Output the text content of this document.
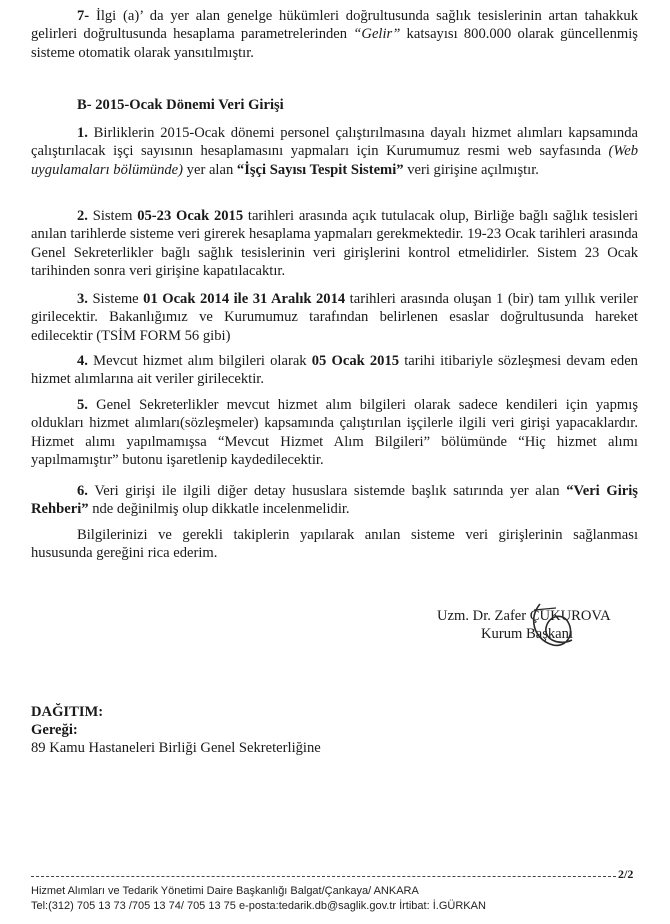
7- İlgi (a)’ da yer alan genelge hükümleri doğrultusunda sağlık tesislerinin artan tahakkuk gelirleri doğrultusunda hesaplama parametrelerinden “Gelir” katsayısı 800.000 olarak güncellenmiş sisteme otomatik olarak yansıtılmıştır.

B- 2015-Ocak Dönemi Veri Girişi

1. Birliklerin 2015-Ocak dönemi personel çalıştırılmasına dayalı hizmet alımları kapsamında çalıştırılacak işçi sayısının hesaplamasını yapmaları için Kurumumuz resmi web sayfasında (Web uygulamaları bölümünde) yer alan “İşçi Sayısı Tespit Sistemi” veri girişine açılmıştır.

2. Sistem 05-23 Ocak 2015 tarihleri arasında açık tutulacak olup, Birliğe bağlı sağlık tesisleri anılan tarihlerde sisteme veri girerek hesaplama yapmaları gerekmektedir. 19-23 Ocak tarihleri arasında Genel Sekreterlikler bağlı sağlık tesislerinin veri girişlerini kontrol etmelidirler. Sistem 23 Ocak tarihinden sonra veri girişine kapatılacaktır.

3. Sisteme 01 Ocak 2014 ile 31 Aralık 2014 tarihleri arasında oluşan 1 (bir) tam yıllık veriler girilecektir. Bakanlığımız ve Kurumumuz tarafından belirlenen esaslar doğrultusunda hareket edilecektir (TSİM FORM 56 gibi)

4. Mevcut hizmet alım bilgileri olarak 05 Ocak 2015 tarihi itibariyle sözleşmesi devam eden hizmet alımlarına ait veriler girilecektir.

5. Genel Sekreterlikler mevcut hizmet alım bilgileri olarak sadece kendileri için yapmış oldukları hizmet alımları(sözleşmeler) kapsamında çalıştırılan işçilerle ilgili veri girişi yapacaklardır. Hizmet alımı yapılmamışsa “Mevcut Hizmet Alım Bilgileri” bölümünde “Hiç hizmet alımı yapılmamıştır” butonu işaretlenip kaydedilecektir.

6. Veri girişi ile ilgili diğer detay hususlara sistemde başlık satırında yer alan “Veri Giriş Rehberi” nde değinilmiş olup dikkatle incelenmelidir.

Bilgilerinizi ve gerekli takiplerin yapılarak anılan sisteme veri girişlerinin sağlanması hususunda gereğini rica ederim.

Uzm. Dr. Zafer ÇUKUROVA
Kurum Başkanı
DAĞITIM:
Gereği:
89 Kamu Hastaneleri Birliği Genel Sekreterliğine
2/2
Hizmet Alımları ve Tedarik Yönetimi Daire Başkanlığı Balgat/Çankaya/ ANKARA
Tel:(312) 705 13 73 /705 13 74/ 705 13 75 e-posta:tedarik.db@saglik.gov.tr İrtibat: İ.GÜRKAN
